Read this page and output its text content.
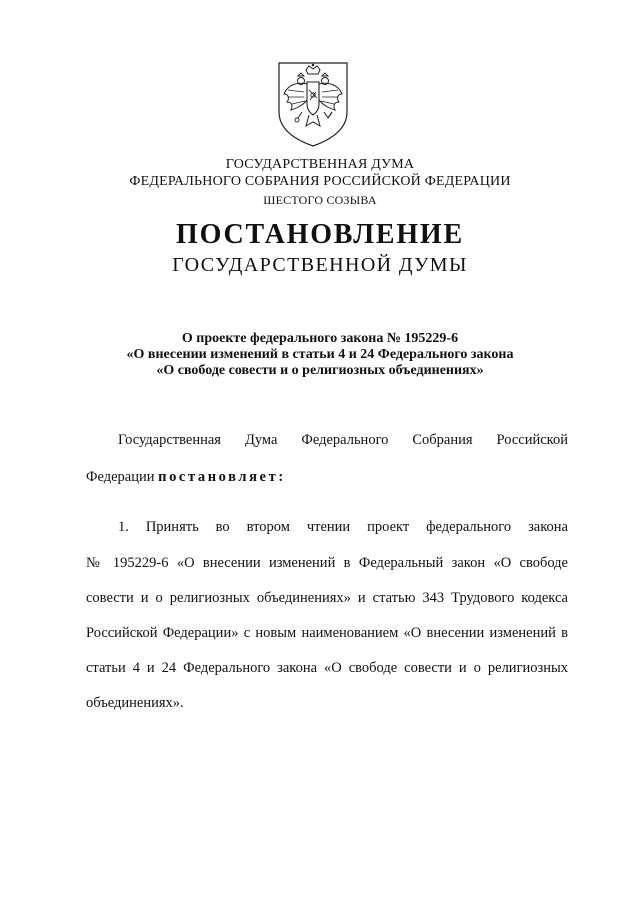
ГОСУДАРСТВЕННАЯ ДУМА
ФЕДЕРАЛЬНОГО СОБРАНИЯ РОССИЙСКОЙ ФЕДЕРАЦИИ
ШЕСТОГО СОЗЫВА
ПОСТАНОВЛЕНИЕ
ГОСУДАРСТВЕННОЙ ДУМЫ
О проекте федерального закона № 195229-6
«О внесении изменений в статьи 4 и 24 Федерального закона
«О свободе совести и о религиозных объединениях»
Государственная Дума Федерального Собрания Российской
Федерации постановляет:
1. Принять во втором чтении проект федерального закона
№ 195229-6 «О внесении изменений в Федеральный закон «О свободе
совести и о религиозных объединениях» и статью 343 Трудового кодекса
Российской Федерации» с новым наименованием «О внесении изменений в
статьи 4 и 24 Федерального закона «О свободе совести и о религиозных
объединениях».
